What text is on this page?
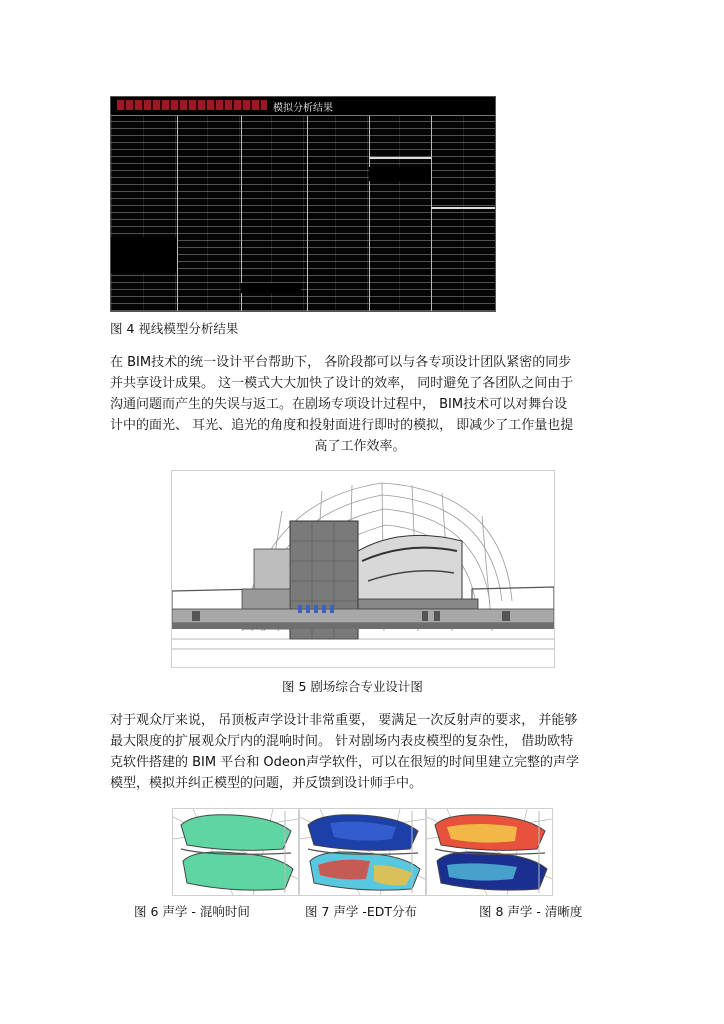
模拟分析结果
图 4 视线模型分析结果
在 BIM技术的统一设计平台帮助下， 各阶段都可以与各专项设计团队紧密的同步
并共享设计成果。 这一模式大大加快了设计的效率， 同时避免了各团队之间由于
沟通问题而产生的失误与返工。在剧场专项设计过程中， BIM技术可以对舞台设
计中的面光、 耳光、追光的角度和投射面进行即时的模拟， 即减少了工作量也提
高了工作效率。
图 5 剧场综合专业设计图
对于观众厅来说， 吊顶板声学设计非常重要， 要满足一次反射声的要求， 并能够
最大限度的扩展观众厅内的混响时间。 针对剧场内表皮模型的复杂性， 借助欧特
克软件搭建的 BIM 平台和 Odeon声学软件，可以在很短的时间里建立完整的声学
模型，模拟并纠正模型的问题，并反馈到设计师手中。
图 6 声学 - 混响时间	图 7 声学 -EDT分布	图 8 声学 - 清晰度
